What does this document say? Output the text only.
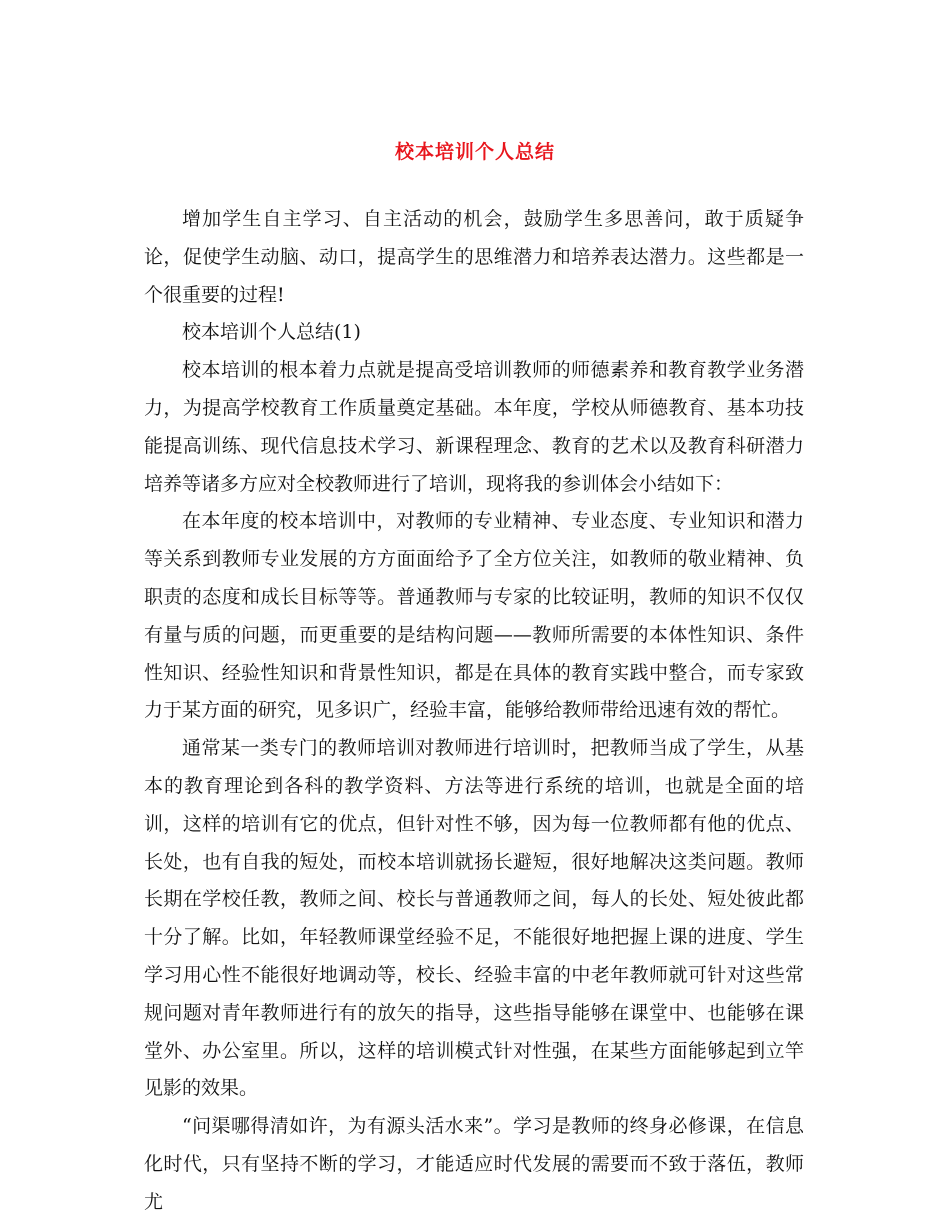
校本培训个人总结

增加学生自主学习、自主活动的机会，鼓励学生多思善问，敢于质疑争论，促使学生动脑、动口，提高学生的思维潜力和培养表达潜力。这些都是一个很重要的过程!

校本培训个人总结(1)

校本培训的根本着力点就是提高受培训教师的师德素养和教育教学业务潜力，为提高学校教育工作质量奠定基础。本年度，学校从师德教育、基本功技能提高训练、现代信息技术学习、新课程理念、教育的艺术以及教育科研潜力培养等诸多方应对全校教师进行了培训，现将我的参训体会小结如下：

在本年度的校本培训中，对教师的专业精神、专业态度、专业知识和潜力等关系到教师专业发展的方方面面给予了全方位关注，如教师的敬业精神、负职责的态度和成长目标等等。普通教师与专家的比较证明，教师的知识不仅仅有量与质的问题，而更重要的是结构问题——教师所需要的本体性知识、条件性知识、经验性知识和背景性知识，都是在具体的教育实践中整合，而专家致力于某方面的研究，见多识广，经验丰富，能够给教师带给迅速有效的帮忙。

通常某一类专门的教师培训对教师进行培训时，把教师当成了学生，从基本的教育理论到各科的教学资料、方法等进行系统的培训，也就是全面的培训，这样的培训有它的优点，但针对性不够，因为每一位教师都有他的优点、长处，也有自我的短处，而校本培训就扬长避短，很好地解决这类问题。教师长期在学校任教，教师之间、校长与普通教师之间，每人的长处、短处彼此都十分了解。比如，年轻教师课堂经验不足，不能很好地把握上课的进度、学生学习用心性不能很好地调动等，校长、经验丰富的中老年教师就可针对这些常规问题对青年教师进行有的放矢的指导，这些指导能够在课堂中、也能够在课堂外、办公室里。所以，这样的培训模式针对性强，在某些方面能够起到立竿见影的效果。

“问渠哪得清如许，为有源头活水来”。学习是教师的终身必修课，在信息化时代，只有坚持不断的学习，才能适应时代发展的需要而不致于落伍，教师尤
